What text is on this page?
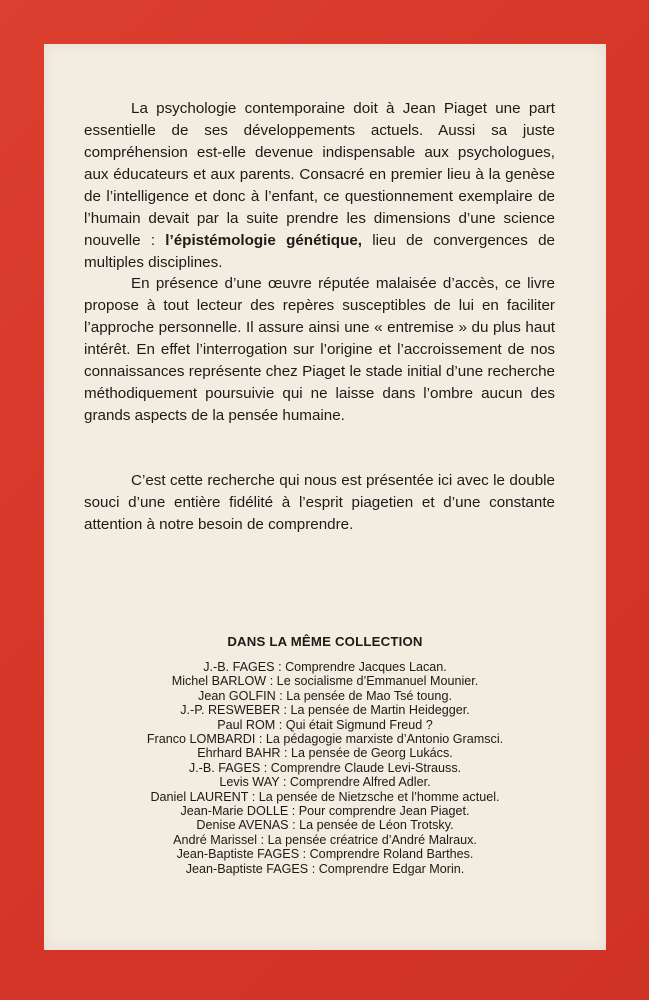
La psychologie contemporaine doit à Jean Piaget une part essentielle de ses développements actuels. Aussi sa juste compréhension est-elle devenue indispensable aux psychologues, aux éducateurs et aux parents. Consacré en premier lieu à la genèse de l’intelligence et donc à l’enfant, ce questionnement exemplaire de l’humain devait par la suite prendre les dimensions d’une science nouvelle : l’épistémologie génétique, lieu de convergences de multiples disciplines.

En présence d’une œuvre réputée malaisée d’accès, ce livre propose à tout lecteur des repères susceptibles de lui en faciliter l’approche personnelle. Il assure ainsi une « entremise » du plus haut intérêt. En effet l’interrogation sur l’origine et l’accroissement de nos connaissances représente chez Piaget le stade initial d’une recherche méthodiquement poursuivie qui ne laisse dans l’ombre aucun des grands aspects de la pensée humaine.

C’est cette recherche qui nous est présentée ici avec le double souci d’une entière fidélité à l’esprit piagetien et d’une constante attention à notre besoin de comprendre.

DANS LA MÊME COLLECTION
J.-B. FAGES : Comprendre Jacques Lacan.
Michel BARLOW : Le socialisme d’Emmanuel Mounier.
Jean GOLFIN : La pensée de Mao Tsé toung.
J.-P. RESWEBER : La pensée de Martin Heidegger.
Paul ROM : Qui était Sigmund Freud ?
Franco LOMBARDI : La pédagogie marxiste d’Antonio Gramsci.
Ehrhard BAHR : La pensée de Georg Lukács.
J.-B. FAGES : Comprendre Claude Levi-Strauss.
Levis WAY : Comprendre Alfred Adler.
Daniel LAURENT : La pensée de Nietzsche et l’homme actuel.
Jean-Marie DOLLE : Pour comprendre Jean Piaget.
Denise AVENAS : La pensée de Léon Trotsky.
André Marissel : La pensée créatrice d’André Malraux.
Jean-Baptiste FAGES : Comprendre Roland Barthes.
Jean-Baptiste FAGES : Comprendre Edgar Morin.
